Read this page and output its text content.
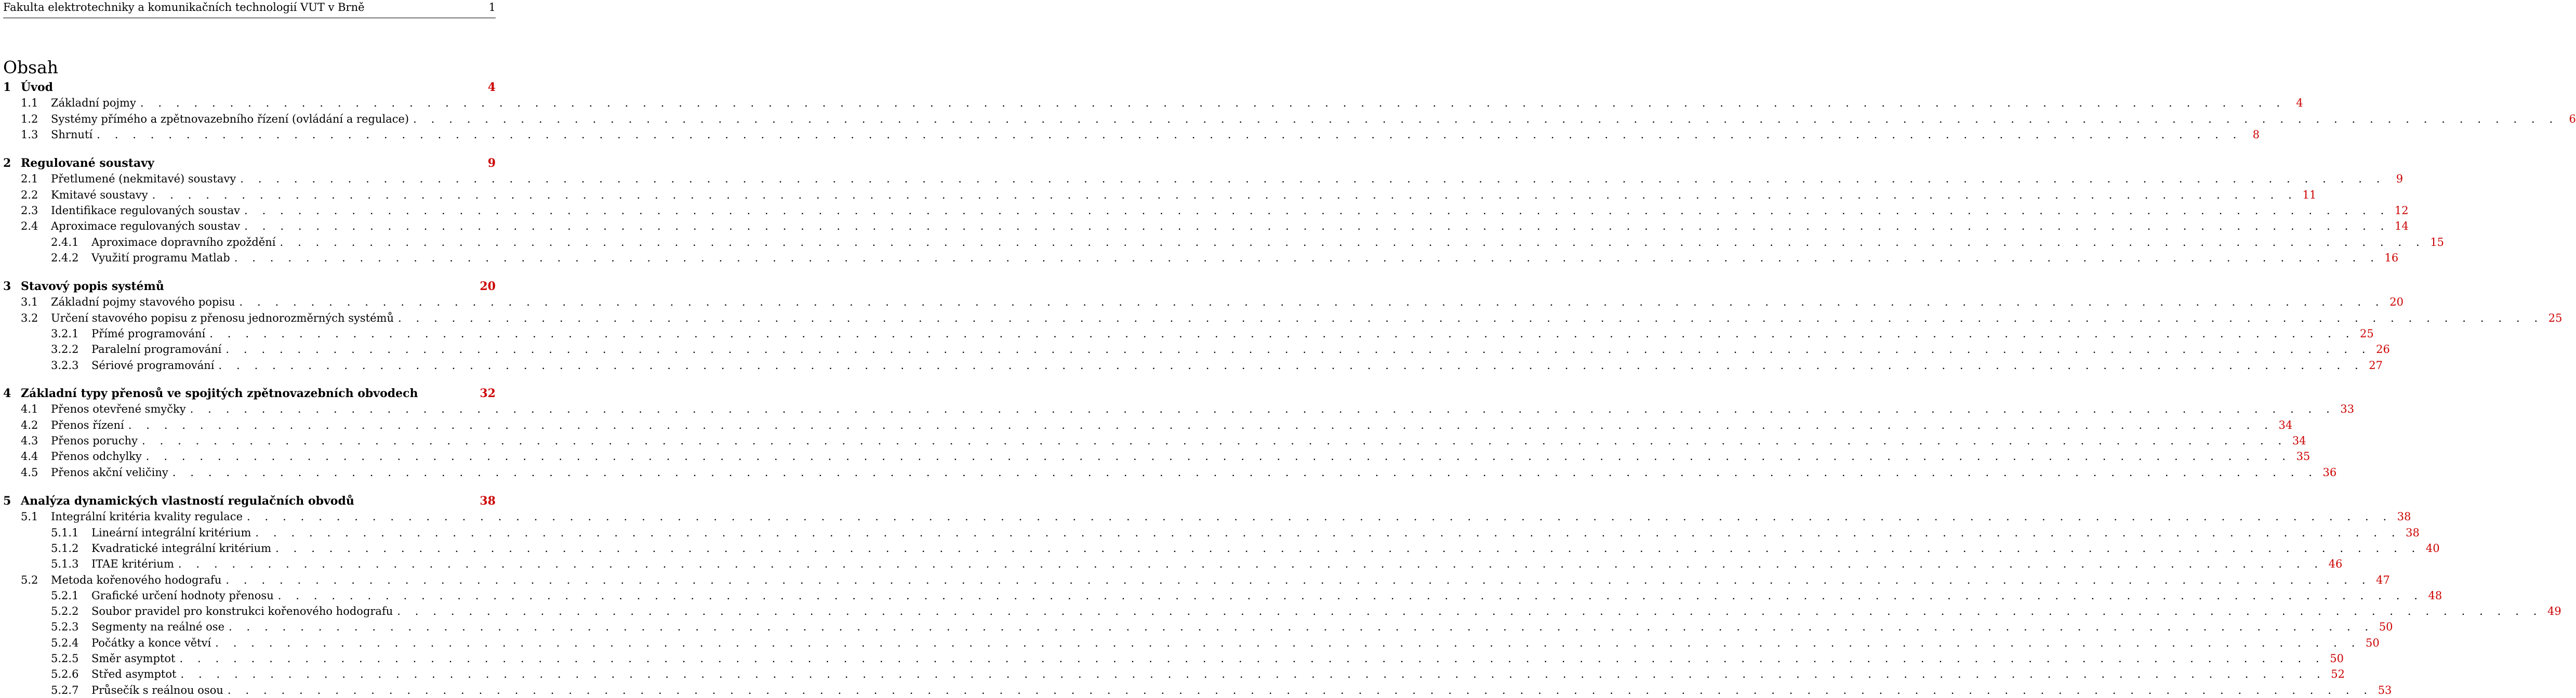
Fakulta elektrotechniky a komunikačních technologií VUT v Brně	1
Obsah
1 Úvod	4
1.1	Základní pojmy . . . . . . . . . . . . . . . . . . . . . . . . . . . . . . . . . . . . . . . . . . . . . . . . . . . . . . . . . . . . . . . . . . . . . . . . . . . . . . . . . . . . . . . . . . . . . . . . . . . . . . . . . . . . . . . . . . . . . . . . 4
1.2	Systémy přímého a zpětnovazebního řízení (ovládání a regulace) . . . . . . . . . . . . . . . . . . . . . . . . . . . . . . . . . . . . . . . . . . . . . . . . . . . . . . . . . . . . . . . . . . . . . . . . . . . . . . . . . . . . . . . . . . . . . . . . . . . . . . . . . . . . . . . . . . . . . . . . 6
1.3	Shrnutí . . . . . . . . . . . . . . . . . . . . . . . . . . . . . . . . . . . . . . . . . . . . . . . . . . . . . . . . . . . . . . . . . . . . . . . . . . . . . . . . . . . . . . . . . . . . . . . . . . . . . . . . . . . . . . . . . . . . . . . . 8
2 Regulované soustavy	9
2.1	Přetlumené (nekmitavé) soustavy . . . . . . . . . . . . . . . . . . . . . . . . . . . . . . . . . . . . . . . . . . . . . . . . . . . . . . . . . . . . . . . . . . . . . . . . . . . . . . . . . . . . . . . . . . . . . . . . . . . . . . . . . . . . . . . . . . . . . . . . 9
2.2	Kmitavé soustavy . . . . . . . . . . . . . . . . . . . . . . . . . . . . . . . . . . . . . . . . . . . . . . . . . . . . . . . . . . . . . . . . . . . . . . . . . . . . . . . . . . . . . . . . . . . . . . . . . . . . . . . . . . . . . . . . . . . . . . . . 11
2.3	Identifikace regulovaných soustav . . . . . . . . . . . . . . . . . . . . . . . . . . . . . . . . . . . . . . . . . . . . . . . . . . . . . . . . . . . . . . . . . . . . . . . . . . . . . . . . . . . . . . . . . . . . . . . . . . . . . . . . . . . . . . . . . . . . . . . . 12
2.4	Aproximace regulovaných soustav . . . . . . . . . . . . . . . . . . . . . . . . . . . . . . . . . . . . . . . . . . . . . . . . . . . . . . . . . . . . . . . . . . . . . . . . . . . . . . . . . . . . . . . . . . . . . . . . . . . . . . . . . . . . . . . . . . . . . . . . 14
2.4.1	Aproximace dopravního zpoždění . . . . . . . . . . . . . . . . . . . . . . . . . . . . . . . . . . . . . . . . . . . . . . . . . . . . . . . . . . . . . . . . . . . . . . . . . . . . . . . . . . . . . . . . . . . . . . . . . . . . . . . . . . . . . . . . . . . . . . . . 15
2.4.2	Využití programu Matlab . . . . . . . . . . . . . . . . . . . . . . . . . . . . . . . . . . . . . . . . . . . . . . . . . . . . . . . . . . . . . . . . . . . . . . . . . . . . . . . . . . . . . . . . . . . . . . . . . . . . . . . . . . . . . . . . . . . . . . . . 16
3 Stavový popis systémů	20
3.1	Základní pojmy stavového popisu . . . . . . . . . . . . . . . . . . . . . . . . . . . . . . . . . . . . . . . . . . . . . . . . . . . . . . . . . . . . . . . . . . . . . . . . . . . . . . . . . . . . . . . . . . . . . . . . . . . . . . . . . . . . . . . . . . . . . . . . 20
3.2	Určení stavového popisu z přenosu jednorozměrných systémů . . . . . . . . . . . . . . . . . . . . . . . . . . . . . . . . . . . . . . . . . . . . . . . . . . . . . . . . . . . . . . . . . . . . . . . . . . . . . . . . . . . . . . . . . . . . . . . . . . . . . . . . . . . . . . . . . . . . . . . . 25
3.2.1	Přímé programování . . . . . . . . . . . . . . . . . . . . . . . . . . . . . . . . . . . . . . . . . . . . . . . . . . . . . . . . . . . . . . . . . . . . . . . . . . . . . . . . . . . . . . . . . . . . . . . . . . . . . . . . . . . . . . . . . . . . . . . . 25
3.2.2	Paralelní programování . . . . . . . . . . . . . . . . . . . . . . . . . . . . . . . . . . . . . . . . . . . . . . . . . . . . . . . . . . . . . . . . . . . . . . . . . . . . . . . . . . . . . . . . . . . . . . . . . . . . . . . . . . . . . . . . . . . . . . . . 26
3.2.3	Sériové programování . . . . . . . . . . . . . . . . . . . . . . . . . . . . . . . . . . . . . . . . . . . . . . . . . . . . . . . . . . . . . . . . . . . . . . . . . . . . . . . . . . . . . . . . . . . . . . . . . . . . . . . . . . . . . . . . . . . . . . . . 27
4 Základní typy přenosů ve spojitých zpětnovazebních obvodech	32
4.1	Přenos otevřené smyčky . . . . . . . . . . . . . . . . . . . . . . . . . . . . . . . . . . . . . . . . . . . . . . . . . . . . . . . . . . . . . . . . . . . . . . . . . . . . . . . . . . . . . . . . . . . . . . . . . . . . . . . . . . . . . . . . . . . . . . . . 33
4.2	Přenos řízení . . . . . . . . . . . . . . . . . . . . . . . . . . . . . . . . . . . . . . . . . . . . . . . . . . . . . . . . . . . . . . . . . . . . . . . . . . . . . . . . . . . . . . . . . . . . . . . . . . . . . . . . . . . . . . . . . . . . . . . . 34
4.3	Přenos poruchy . . . . . . . . . . . . . . . . . . . . . . . . . . . . . . . . . . . . . . . . . . . . . . . . . . . . . . . . . . . . . . . . . . . . . . . . . . . . . . . . . . . . . . . . . . . . . . . . . . . . . . . . . . . . . . . . . . . . . . . . 34
4.4	Přenos odchylky . . . . . . . . . . . . . . . . . . . . . . . . . . . . . . . . . . . . . . . . . . . . . . . . . . . . . . . . . . . . . . . . . . . . . . . . . . . . . . . . . . . . . . . . . . . . . . . . . . . . . . . . . . . . . . . . . . . . . . . . 35
4.5	Přenos akční veličiny . . . . . . . . . . . . . . . . . . . . . . . . . . . . . . . . . . . . . . . . . . . . . . . . . . . . . . . . . . . . . . . . . . . . . . . . . . . . . . . . . . . . . . . . . . . . . . . . . . . . . . . . . . . . . . . . . . . . . . . . 36
5 Analýza dynamických vlastností regulačních obvodů	38
5.1	Integrální kritéria kvality regulace . . . . . . . . . . . . . . . . . . . . . . . . . . . . . . . . . . . . . . . . . . . . . . . . . . . . . . . . . . . . . . . . . . . . . . . . . . . . . . . . . . . . . . . . . . . . . . . . . . . . . . . . . . . . . . . . . . . . . . . . 38
5.1.1	Lineární integrální kritérium . . . . . . . . . . . . . . . . . . . . . . . . . . . . . . . . . . . . . . . . . . . . . . . . . . . . . . . . . . . . . . . . . . . . . . . . . . . . . . . . . . . . . . . . . . . . . . . . . . . . . . . . . . . . . . . . . . . . . . . . 38
5.1.2	Kvadratické integrální kritérium . . . . . . . . . . . . . . . . . . . . . . . . . . . . . . . . . . . . . . . . . . . . . . . . . . . . . . . . . . . . . . . . . . . . . . . . . . . . . . . . . . . . . . . . . . . . . . . . . . . . . . . . . . . . . . . . . . . . . . . . 40
5.1.3	ITAE kritérium . . . . . . . . . . . . . . . . . . . . . . . . . . . . . . . . . . . . . . . . . . . . . . . . . . . . . . . . . . . . . . . . . . . . . . . . . . . . . . . . . . . . . . . . . . . . . . . . . . . . . . . . . . . . . . . . . . . . . . . . 46
5.2	Metoda kořenového hodografu . . . . . . . . . . . . . . . . . . . . . . . . . . . . . . . . . . . . . . . . . . . . . . . . . . . . . . . . . . . . . . . . . . . . . . . . . . . . . . . . . . . . . . . . . . . . . . . . . . . . . . . . . . . . . . . . . . . . . . . . 47
5.2.1	Grafické určení hodnoty přenosu . . . . . . . . . . . . . . . . . . . . . . . . . . . . . . . . . . . . . . . . . . . . . . . . . . . . . . . . . . . . . . . . . . . . . . . . . . . . . . . . . . . . . . . . . . . . . . . . . . . . . . . . . . . . . . . . . . . . . . . . 48
5.2.2	Soubor pravidel pro konstrukci kořenového hodografu . . . . . . . . . . . . . . . . . . . . . . . . . . . . . . . . . . . . . . . . . . . . . . . . . . . . . . . . . . . . . . . . . . . . . . . . . . . . . . . . . . . . . . . . . . . . . . . . . . . . . . . . . . . . . . . . . . . . . . . . 49
5.2.3	Segmenty na reálné ose . . . . . . . . . . . . . . . . . . . . . . . . . . . . . . . . . . . . . . . . . . . . . . . . . . . . . . . . . . . . . . . . . . . . . . . . . . . . . . . . . . . . . . . . . . . . . . . . . . . . . . . . . . . . . . . . . . . . . . . . 50
5.2.4	Počátky a konce větví . . . . . . . . . . . . . . . . . . . . . . . . . . . . . . . . . . . . . . . . . . . . . . . . . . . . . . . . . . . . . . . . . . . . . . . . . . . . . . . . . . . . . . . . . . . . . . . . . . . . . . . . . . . . . . . . . . . . . . . . 50
5.2.5	Směr asymptot . . . . . . . . . . . . . . . . . . . . . . . . . . . . . . . . . . . . . . . . . . . . . . . . . . . . . . . . . . . . . . . . . . . . . . . . . . . . . . . . . . . . . . . . . . . . . . . . . . . . . . . . . . . . . . . . . . . . . . . . 50
5.2.6	Střed asymptot . . . . . . . . . . . . . . . . . . . . . . . . . . . . . . . . . . . . . . . . . . . . . . . . . . . . . . . . . . . . . . . . . . . . . . . . . . . . . . . . . . . . . . . . . . . . . . . . . . . . . . . . . . . . . . . . . . . . . . . . 52
5.2.7	Průsečík s reálnou osou . . . . . . . . . . . . . . . . . . . . . . . . . . . . . . . . . . . . . . . . . . . . . . . . . . . . . . . . . . . . . . . . . . . . . . . . . . . . . . . . . . . . . . . . . . . . . . . . . . . . . . . . . . . . . . . . . . . . . . . . 53
